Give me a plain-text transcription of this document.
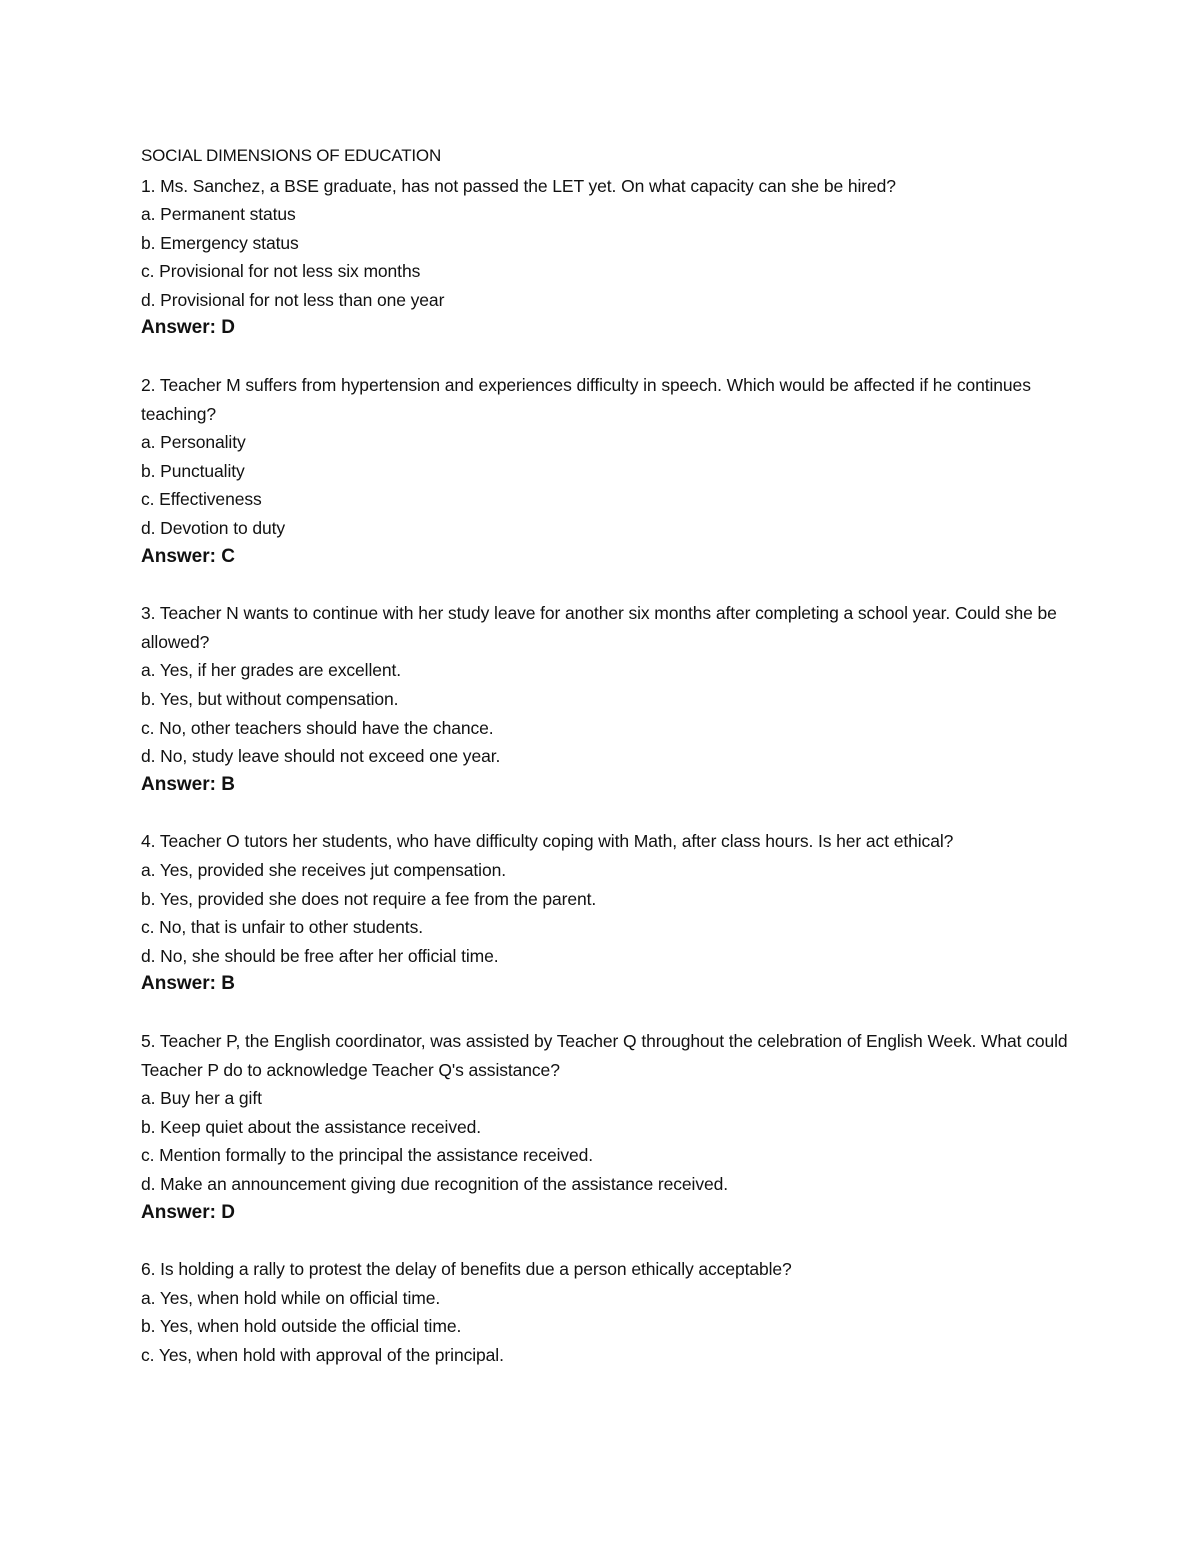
SOCIAL DIMENSIONS OF EDUCATION

1. Ms. Sanchez, a BSE graduate, has not passed the LET yet. On what capacity can she be hired?

a. Permanent status

b. Emergency status

c. Provisional for not less six months

d. Provisional for not less than one year

Answer: D

2. Teacher M suffers from hypertension and experiences difficulty in speech. Which would be affected if he continues teaching?

a. Personality

b. Punctuality

c. Effectiveness

d. Devotion to duty

Answer: C

3. Teacher N wants to continue with her study leave for another six months after completing a school year. Could she be allowed?

a. Yes, if her grades are excellent.

b. Yes, but without compensation.

c. No, other teachers should have the chance.

d. No, study leave should not exceed one year.

Answer: B

4. Teacher O tutors her students, who have difficulty coping with Math, after class hours. Is her act ethical?

a. Yes, provided she receives jut compensation.

b. Yes, provided she does not require a fee from the parent.

c. No, that is unfair to other students.

d. No, she should be free after her official time.

Answer: B

5. Teacher P, the English coordinator, was assisted by Teacher Q throughout the celebration of English Week. What could Teacher P do to acknowledge Teacher Q's assistance?

a. Buy her a gift

b. Keep quiet about the assistance received.

c. Mention formally to the principal the assistance received.

d. Make an announcement giving due recognition of the assistance received.

Answer: D

6. Is holding a rally to protest the delay of benefits due a person ethically acceptable?

a. Yes, when hold while on official time.

b. Yes, when hold outside the official time.

c. Yes, when hold with approval of the principal.
